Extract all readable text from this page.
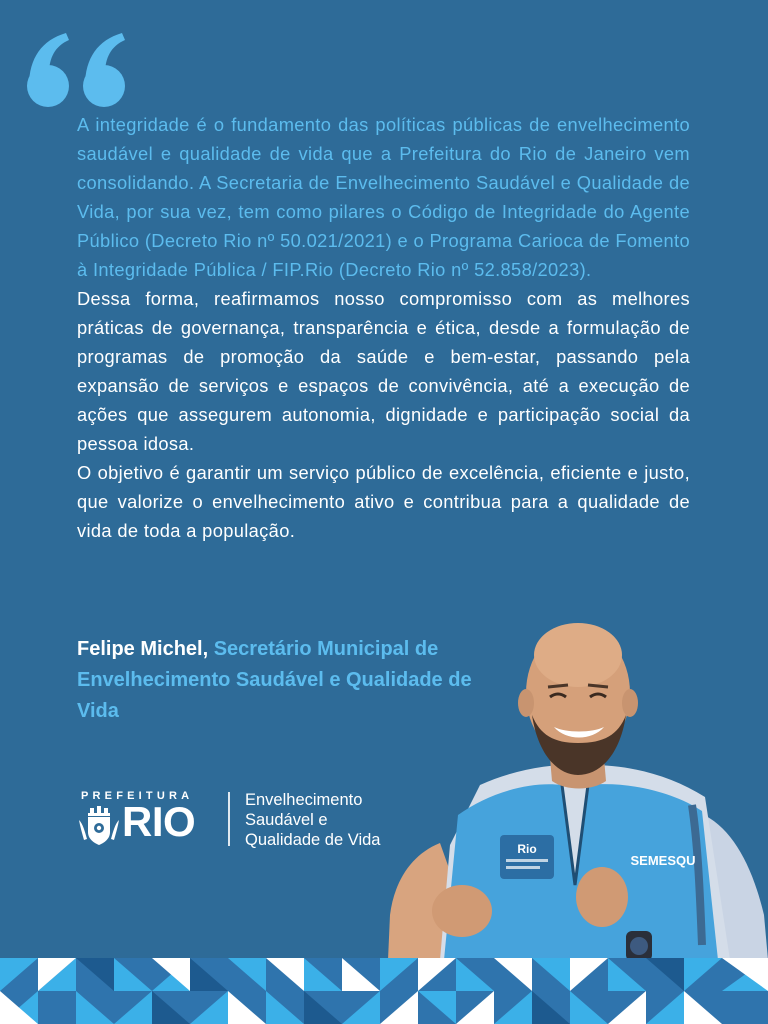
A integridade é o fundamento das políticas públicas de envelhecimento saudável e qualidade de vida que a Prefeitura do Rio de Janeiro vem consolidando. A Secretaria de Envelhecimento Saudável e Qualidade de Vida, por sua vez, tem como pilares o Código de Integridade do Agente Público (Decreto Rio nº 50.021/2021) e o Programa Carioca de Fomento à Integridade Pública / FIP.Rio (Decreto Rio nº 52.858/2023).

Dessa forma, reafirmamos nosso compromisso com as melhores práticas de governança, transparência e ética, desde a formulação de programas de promoção da saúde e bem-estar, passando pela expansão de serviços e espaços de convivência, até a execução de ações que assegurem autonomia, dignidade e participação social da pessoa idosa.

O objetivo é garantir um serviço público de excelência, eficiente e justo, que valorize o envelhecimento ativo e contribua para a qualidade de vida de toda a população.

Felipe Michel, Secretário Municipal de Envelhecimento Saudável e Qualidade de Vida
PREFEITURA
RIO	Envelhecimento
Saudável e
Qualidade de Vida	Rio
SEMESQU
